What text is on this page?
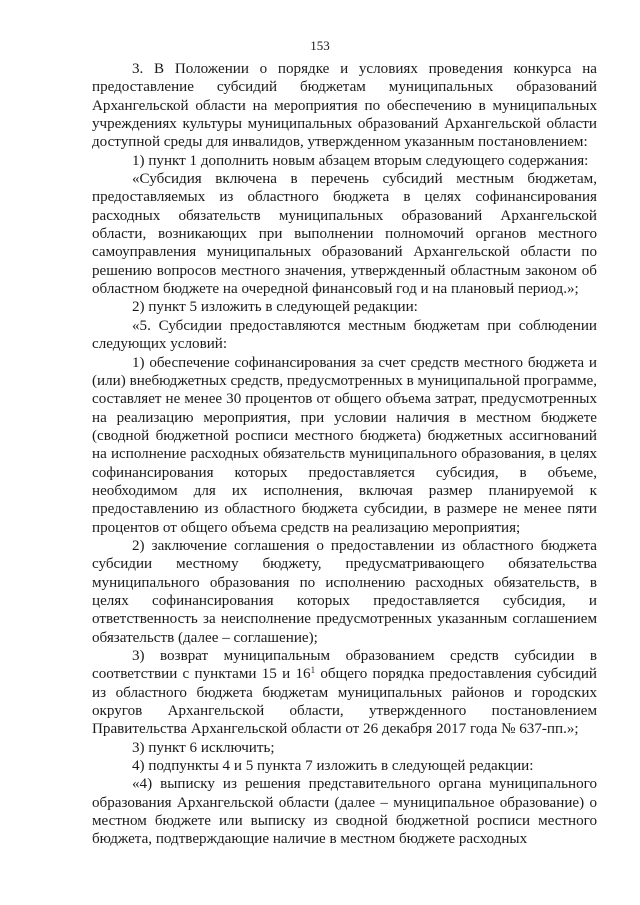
153

3. В Положении о порядке и условиях проведения конкурса на предоставление субсидий бюджетам муниципальных образований Архангельской области на мероприятия по обеспечению в муниципальных учреждениях культуры муниципальных образований Архангельской области доступной среды для инвалидов, утвержденном указанным постановлением:

1) пункт 1 дополнить новым абзацем вторым следующего содержания:

«Субсидия включена в перечень субсидий местным бюджетам, предоставляемых из областного бюджета в целях софинансирования расходных обязательств муниципальных образований Архангельской области, возникающих при выполнении полномочий органов местного самоуправления муниципальных образований Архангельской области по решению вопросов местного значения, утвержденный областным законом об областном бюджете на очередной финансовый год и на плановый период.»;

2) пункт 5 изложить в следующей редакции:

«5. Субсидии предоставляются местным бюджетам при соблюдении следующих условий:

1) обеспечение софинансирования за счет средств местного бюджета и (или) внебюджетных средств, предусмотренных в муниципальной программе, составляет не менее 30 процентов от общего объема затрат, предусмотренных на реализацию мероприятия, при условии наличия в местном бюджете (сводной бюджетной росписи местного бюджета) бюджетных ассигнований на исполнение расходных обязательств муниципального образования, в целях софинансирования которых предоставляется субсидия, в объеме, необходимом для их исполнения, включая размер планируемой к предоставлению из областного бюджета субсидии, в размере не менее пяти процентов от общего объема средств на реализацию мероприятия;

2) заключение соглашения о предоставлении из областного бюджета субсидии местному бюджету, предусматривающего обязательства муниципального образования по исполнению расходных обязательств, в целях софинансирования которых предоставляется субсидия, и ответственность за неисполнение предусмотренных указанным соглашением обязательств (далее – соглашение);

3) возврат муниципальным образованием средств субсидии в соответствии с пунктами 15 и $16^1$ общего порядка предоставления субсидий из областного бюджета бюджетам муниципальных районов и городских округов Архангельской области, утвержденного постановлением Правительства Архангельской области от 26 декабря 2017 года № 637-пп.»;

3) пункт 6 исключить;

4) подпункты 4 и 5 пункта 7 изложить в следующей редакции:

«4) выписку из решения представительного органа муниципального образования Архангельской области (далее – муниципальное образование) о местном бюджете или выписку из сводной бюджетной росписи местного бюджета, подтверждающие наличие в местном бюджете расходных
